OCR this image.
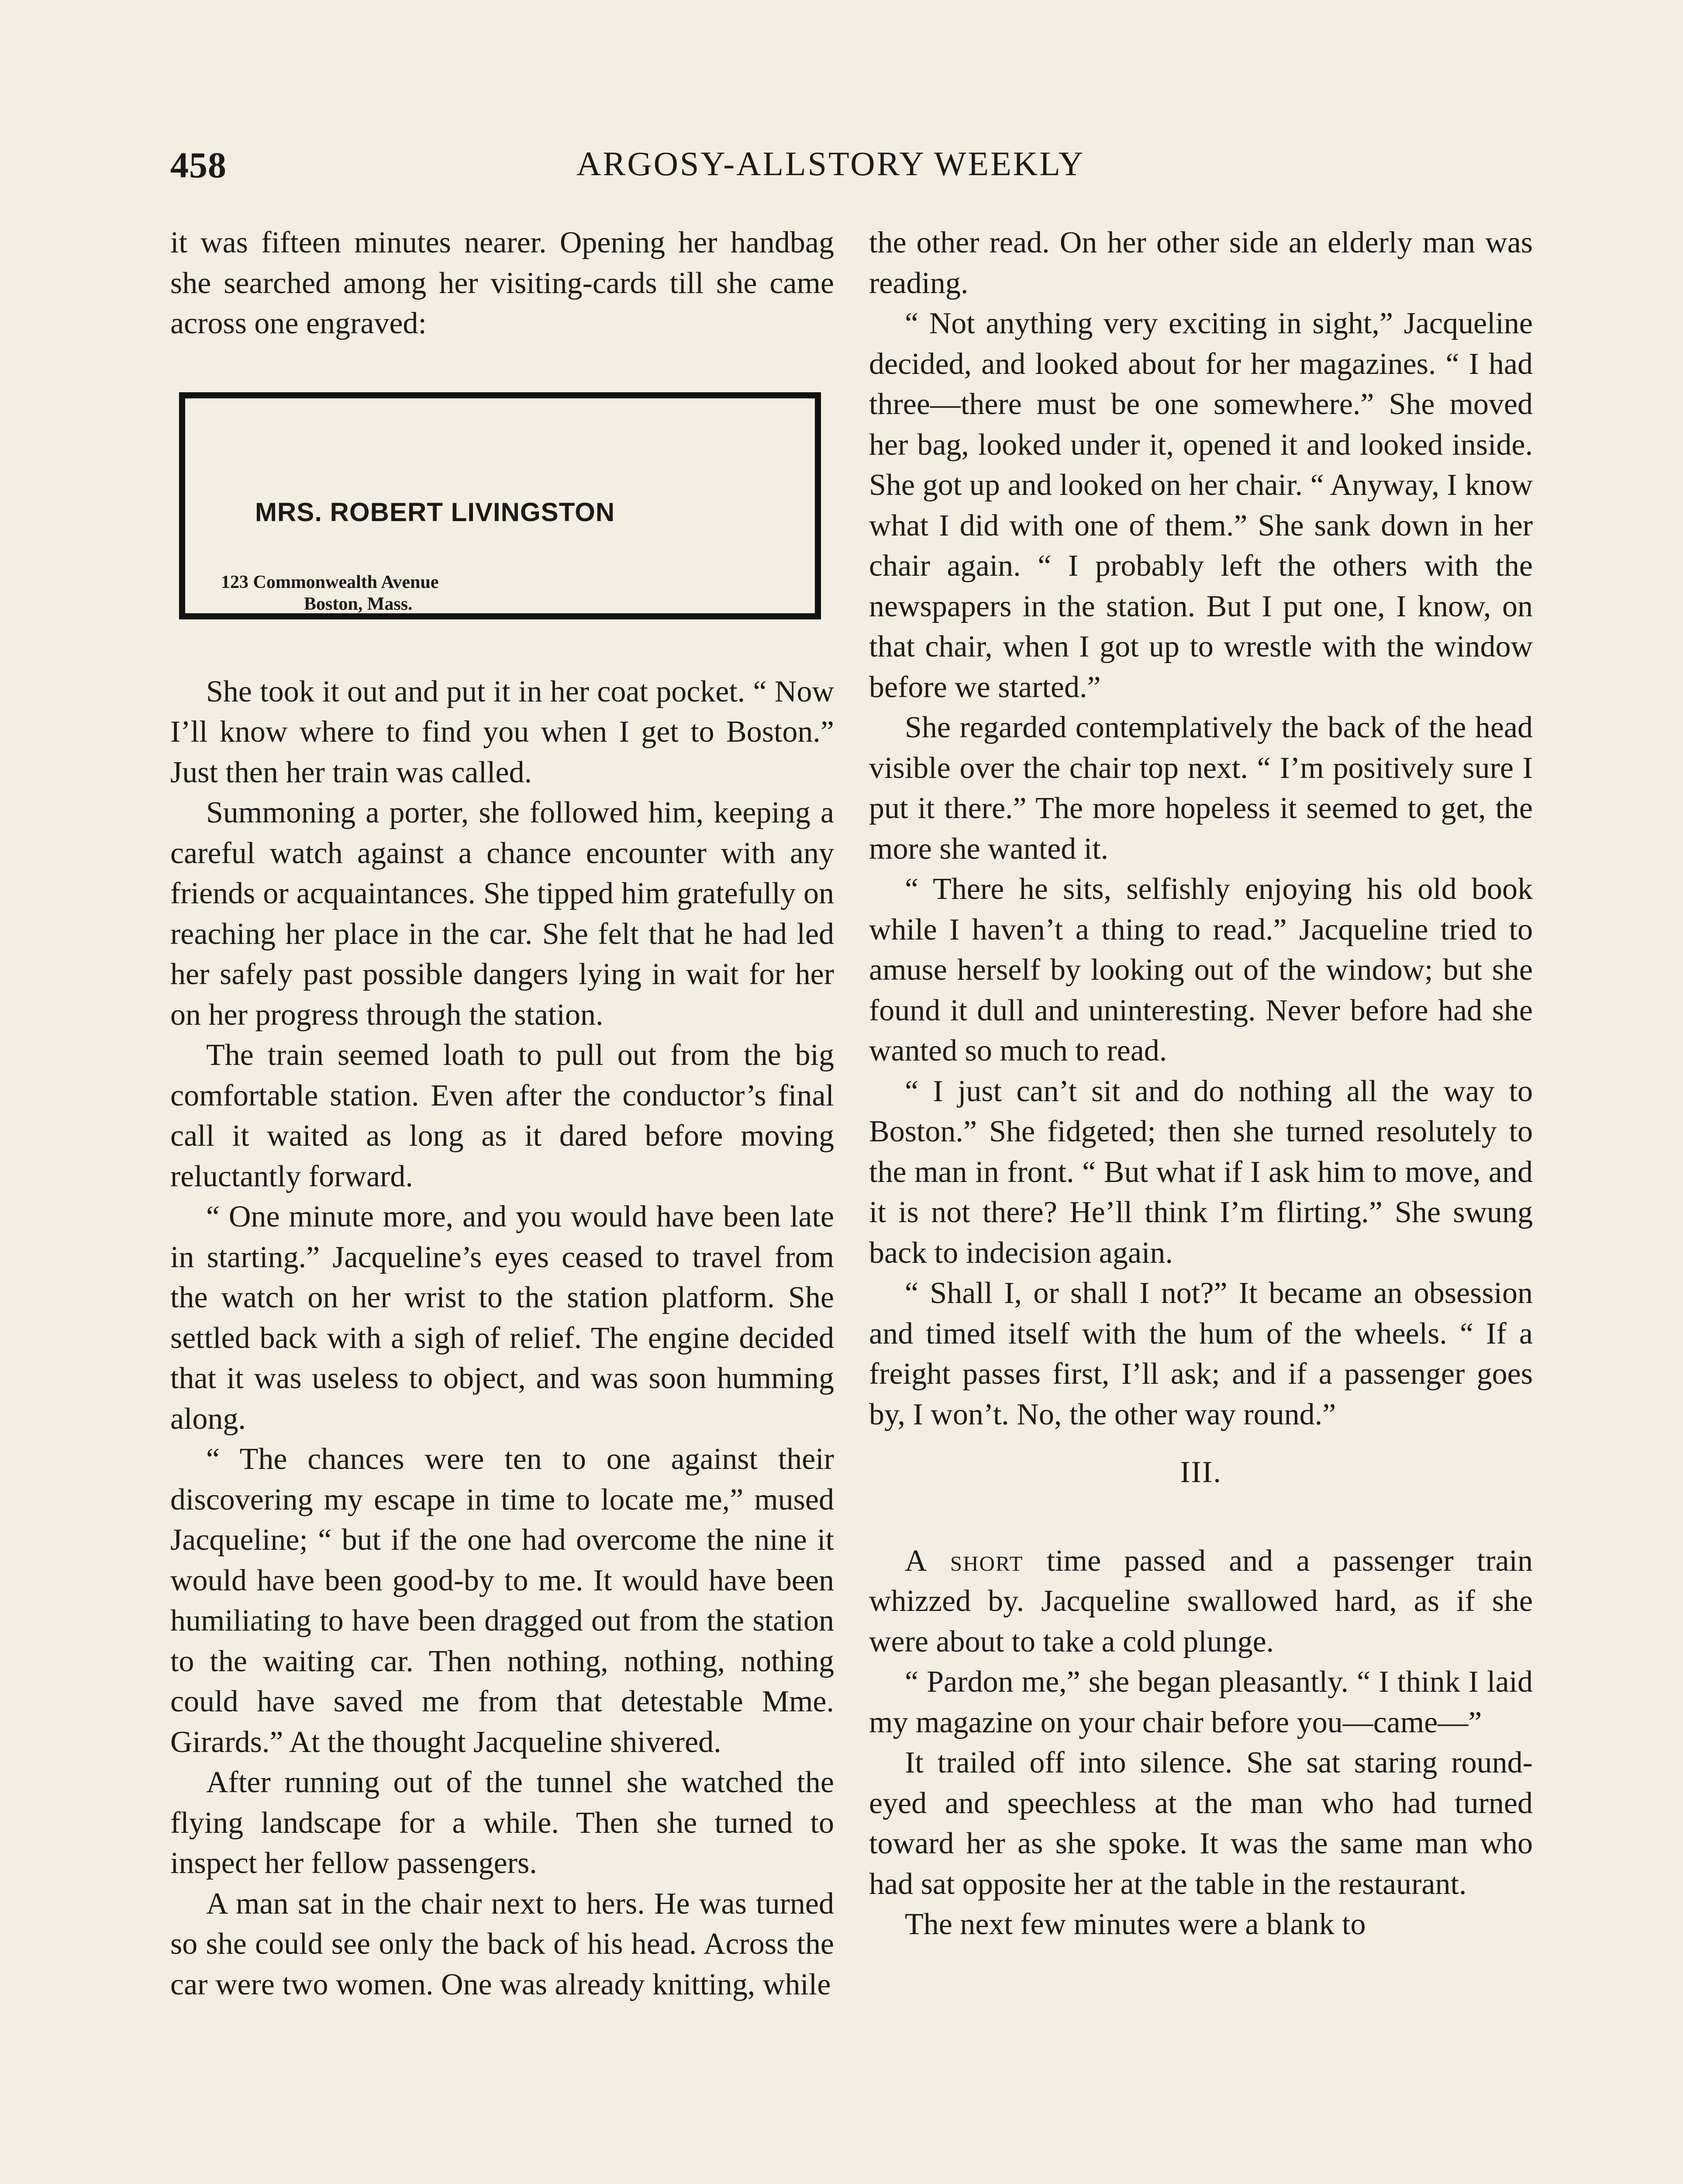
458	ARGOSY-ALLSTORY WEEKLY

it was fifteen minutes nearer. Opening her handbag she searched among her visiting-cards till she came across one engraved:

MRS. ROBERT LIVINGSTON
123 Commonwealth Avenue
Boston, Mass.

She took it out and put it in her coat pocket. “ Now I’ll know where to find you when I get to Boston.” Just then her train was called.

Summoning a porter, she followed him, keeping a careful watch against a chance encounter with any friends or acquaintances. She tipped him gratefully on reaching her place in the car. She felt that he had led her safely past possible dangers lying in wait for her on her progress through the station.

The train seemed loath to pull out from the big comfortable station. Even after the conductor’s final call it waited as long as it dared before moving reluctantly forward.

“ One minute more, and you would have been late in starting.” Jacqueline’s eyes ceased to travel from the watch on her wrist to the station platform. She settled back with a sigh of relief. The engine decided that it was useless to object, and was soon humming along.

“ The chances were ten to one against their discovering my escape in time to locate me,” mused Jacqueline; “ but if the one had overcome the nine it would have been good-by to me. It would have been humiliating to have been dragged out from the station to the waiting car. Then nothing, nothing, nothing could have saved me from that detestable Mme. Girards.” At the thought Jacqueline shivered.

After running out of the tunnel she watched the flying landscape for a while. Then she turned to inspect her fellow passengers.

A man sat in the chair next to hers. He was turned so she could see only the back of his head. Across the car were two women. One was already knitting, while

the other read. On her other side an elderly man was reading.

“ Not anything very exciting in sight,” Jacqueline decided, and looked about for her magazines. “ I had three—there must be one somewhere.” She moved her bag, looked under it, opened it and looked inside. She got up and looked on her chair. “ Anyway, I know what I did with one of them.” She sank down in her chair again. “ I probably left the others with the newspapers in the station. But I put one, I know, on that chair, when I got up to wrestle with the window before we started.”

She regarded contemplatively the back of the head visible over the chair top next. “ I’m positively sure I put it there.” The more hopeless it seemed to get, the more she wanted it.

“ There he sits, selfishly enjoying his old book while I haven’t a thing to read.” Jacqueline tried to amuse herself by looking out of the window; but she found it dull and uninteresting. Never before had she wanted so much to read.

“ I just can’t sit and do nothing all the way to Boston.” She fidgeted; then she turned resolutely to the man in front. “ But what if I ask him to move, and it is not there? He’ll think I’m flirting.” She swung back to indecision again.

“ Shall I, or shall I not?” It became an obsession and timed itself with the hum of the wheels. “ If a freight passes first, I’ll ask; and if a passenger goes by, I won’t. No, the other way round.”

III.

A short time passed and a passenger train whizzed by. Jacqueline swallowed hard, as if she were about to take a cold plunge.

“ Pardon me,” she began pleasantly. “ I think I laid my magazine on your chair before you—came—”

It trailed off into silence. She sat staring round-eyed and speechless at the man who had turned toward her as she spoke. It was the same man who had sat opposite her at the table in the restaurant.

The next few minutes were a blank to
